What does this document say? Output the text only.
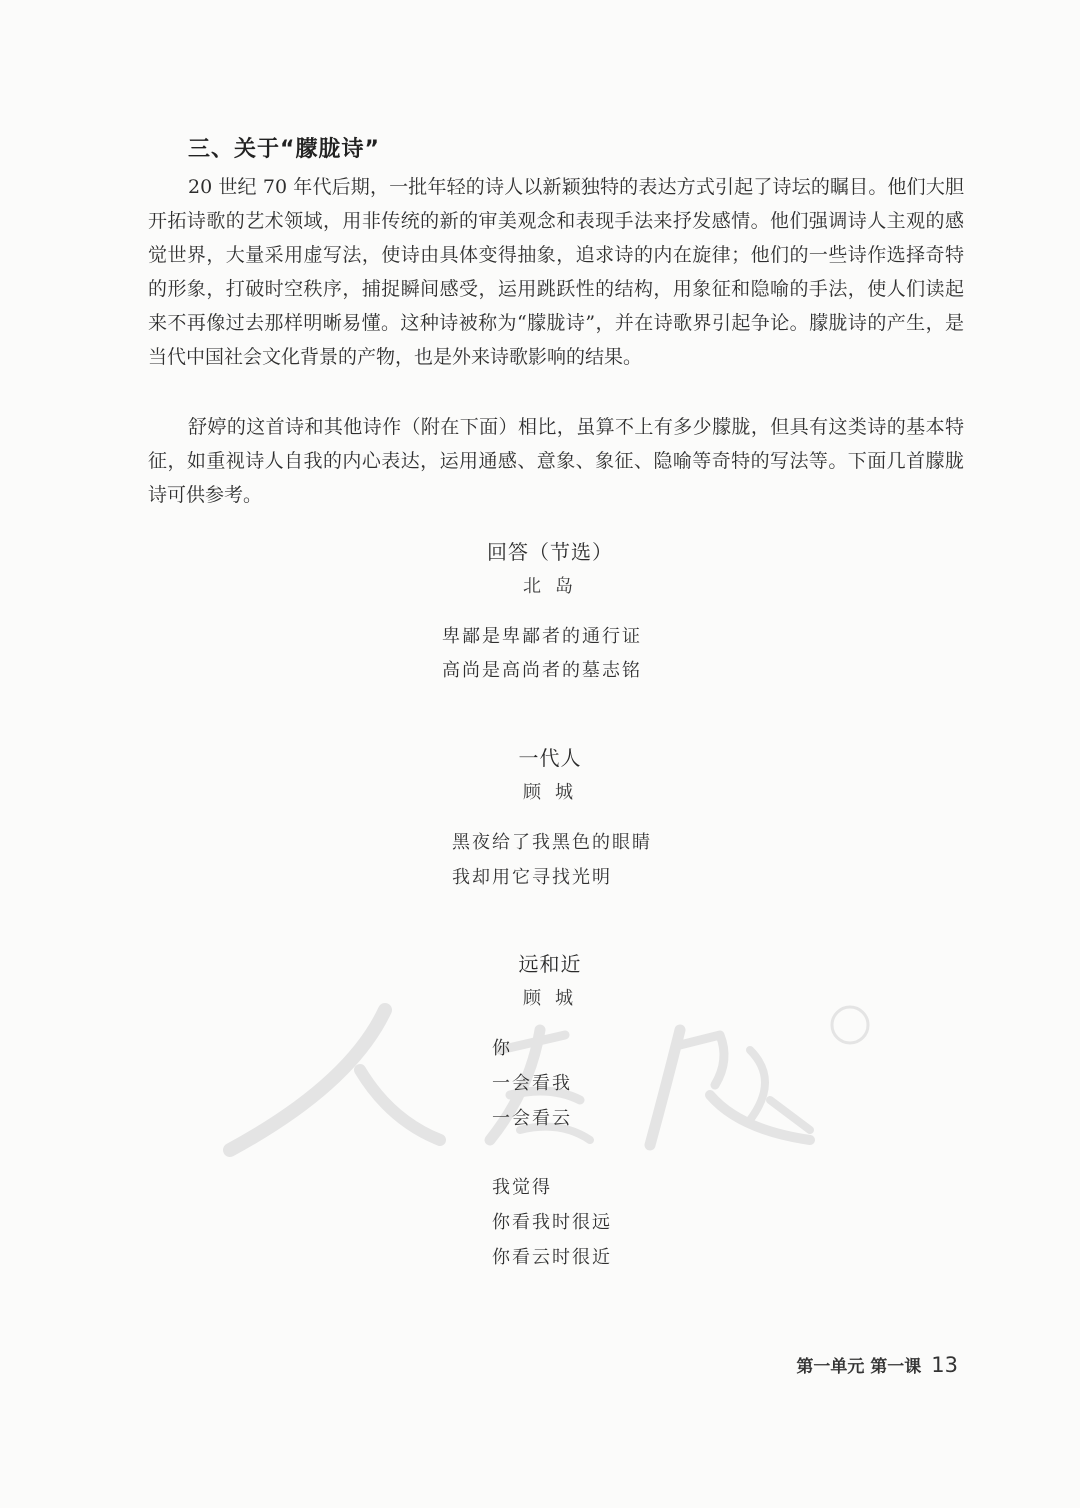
三、关于“朦胧诗”

20 世纪 70 年代后期，一批年轻的诗人以新颖独特的表达方式引起了诗坛的瞩目。他们大胆开拓诗歌的艺术领域，用非传统的新的审美观念和表现手法来抒发感情。他们强调诗人主观的感觉世界，大量采用虚写法，使诗由具体变得抽象，追求诗的内在旋律；他们的一些诗作选择奇特的形象，打破时空秩序，捕捉瞬间感受，运用跳跃性的结构，用象征和隐喻的手法，使人们读起来不再像过去那样明晰易懂。这种诗被称为“朦胧诗”，并在诗歌界引起争论。朦胧诗的产生，是当代中国社会文化背景的产物，也是外来诗歌影响的结果。

舒婷的这首诗和其他诗作（附在下面）相比，虽算不上有多少朦胧，但具有这类诗的基本特征，如重视诗人自我的内心表达，运用通感、意象、象征、隐喻等奇特的写法等。下面几首朦胧诗可供参考。

回答（节选）
北岛
卑鄙是卑鄙者的通行证
高尚是高尚者的墓志铭
一代人
顾城
黑夜给了我黑色的眼睛
我却用它寻找光明
远和近
顾城
你
一会看我
一会看云
我觉得
你看我时很远
你看云时很近
第一单元 第一课 13
